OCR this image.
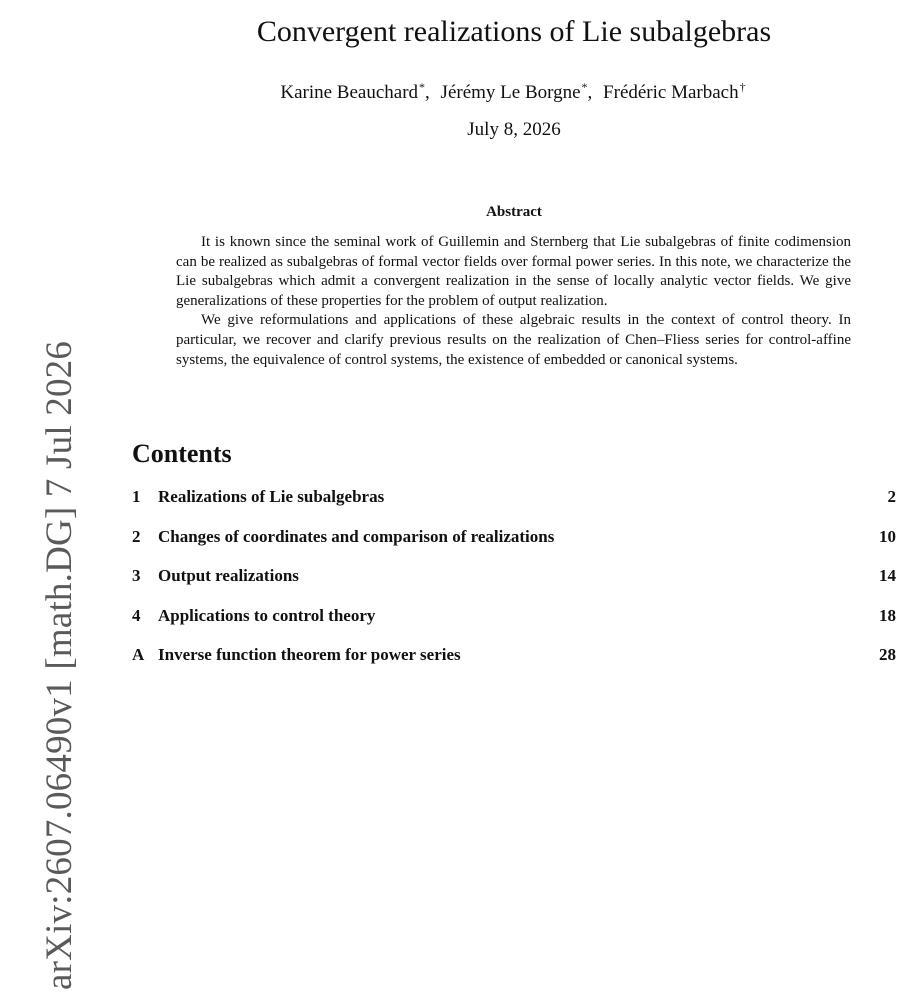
arXiv:2607.06490v1 [math.DG] 7 Jul 2026
Convergent realizations of Lie subalgebras
Karine Beauchard*, Jérémy Le Borgne*, Frédéric Marbach†
July 8, 2026
Abstract

It is known since the seminal work of Guillemin and Sternberg that Lie subalgebras of finite codimension can be realized as subalgebras of formal vector fields over formal power series. In this note, we characterize the Lie subalgebras which admit a convergent realization in the sense of locally analytic vector fields. We give generalizations of these properties for the problem of output realization.

We give reformulations and applications of these algebraic results in the context of control theory. In particular, we recover and clarify previous results on the realization of Chen–Fliess series for control-affine systems, the equivalence of control systems, the existence of embedded or canonical systems.

Contents
1	Realizations of Lie subalgebras	2
2	Changes of coordinates and comparison of realizations	10
3	Output realizations	14
4	Applications to control theory	18
A Inverse function theorem for power series	28
